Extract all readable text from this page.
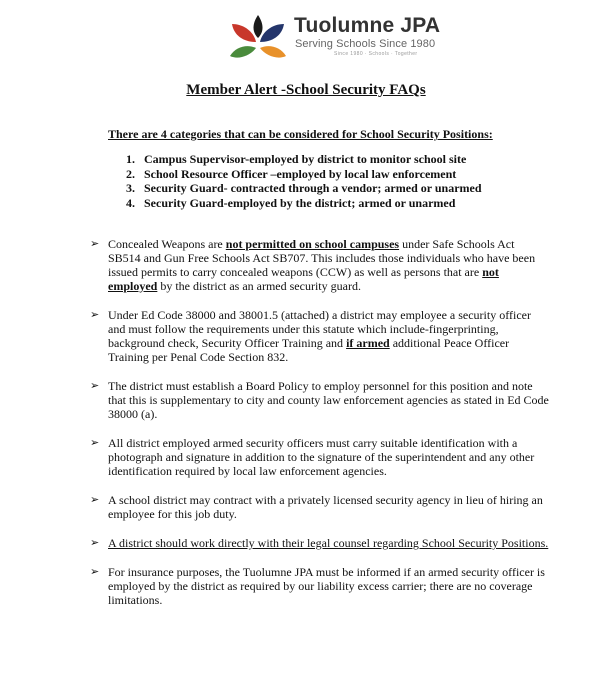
Tuolumne JPA
Serving Schools Since 1980
Since 1980 · Schools · Together
Member Alert -School Security FAQs

There are 4 categories that can be considered for School Security Positions:

1. Campus Supervisor-employed by district to monitor school site
2. School Resource Officer –employed by local law enforcement
3. Security Guard- contracted through a vendor; armed or unarmed
4. Security Guard-employed by the district; armed or unarmed
➢ Concealed Weapons are not permitted on school campuses under Safe Schools Act SB514 and Gun Free Schools Act SB707. This includes those individuals who have been issued permits to carry concealed weapons (CCW) as well as persons that are not employed by the district as an armed security guard.
➢ Under Ed Code 38000 and 38001.5 (attached) a district may employee a security officer and must follow the requirements under this statute which include-fingerprinting, background check, Security Officer Training and if armed additional Peace Officer Training per Penal Code Section 832.
➢ The district must establish a Board Policy to employ personnel for this position and note that this is supplementary to city and county law enforcement agencies as stated in Ed Code 38000 (a).
➢ All district employed armed security officers must carry suitable identification with a photograph and signature in addition to the signature of the superintendent and any other identification required by local law enforcement agencies.
➢ A school district may contract with a privately licensed security agency in lieu of hiring an employee for this job duty.
➢ A district should work directly with their legal counsel regarding School Security Positions.
➢ For insurance purposes, the Tuolumne JPA must be informed if an armed security officer is employed by the district as required by our liability excess carrier; there are no coverage limitations.
